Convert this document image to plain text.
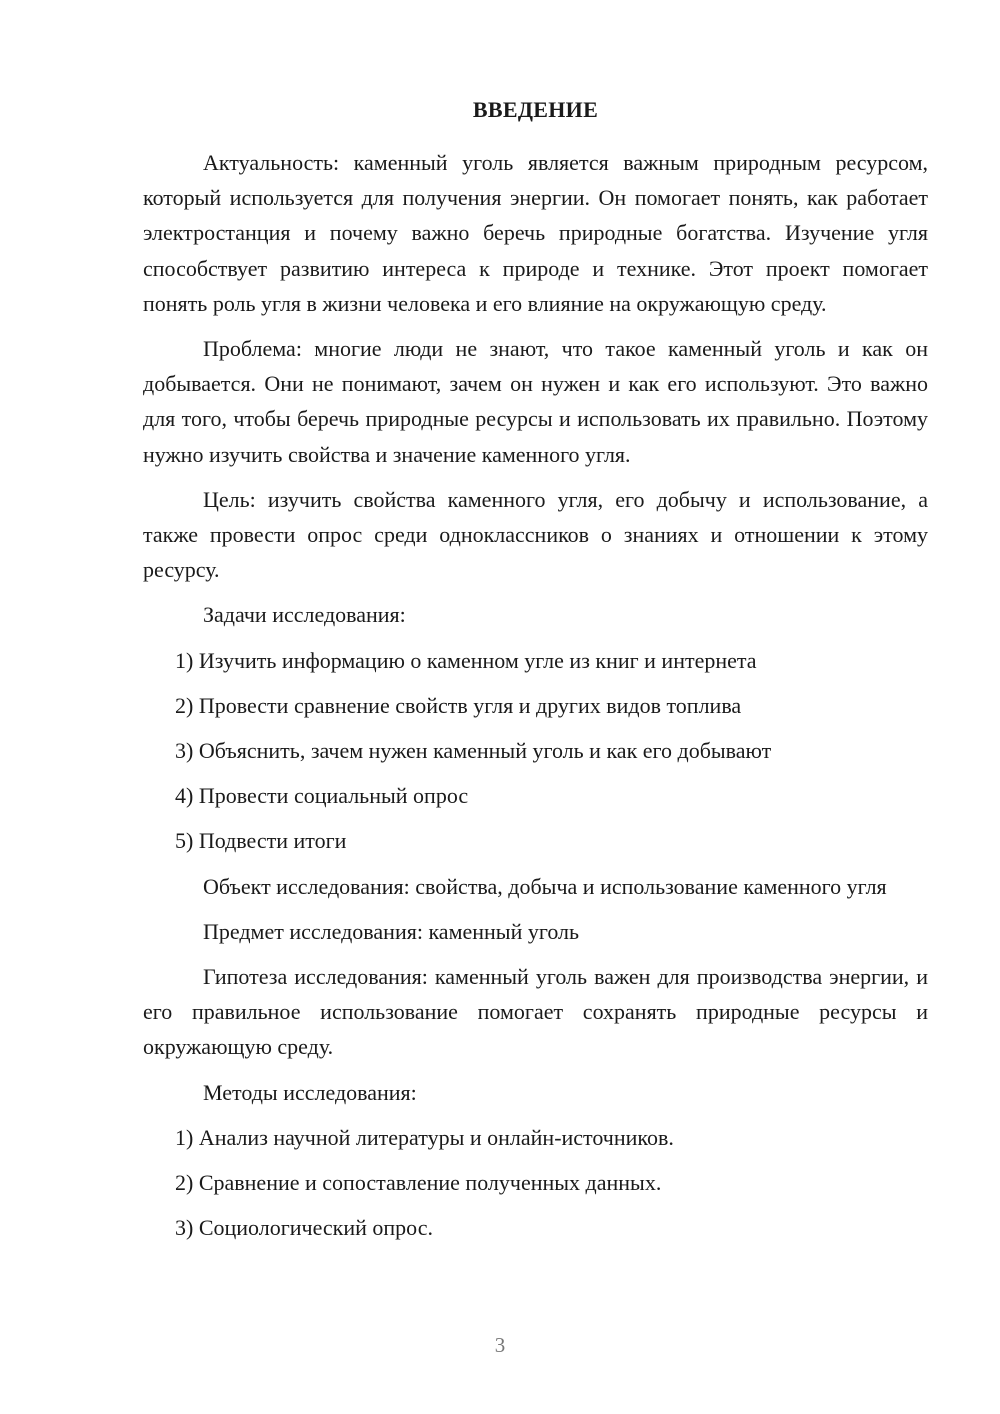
ВВЕДЕНИЕ

Актуальность: каменный уголь является важным природным ресурсом, который используется для получения энергии. Он помогает понять, как работает электростанция и почему важно беречь природные богатства. Изучение угля способствует развитию интереса к природе и технике. Этот проект помогает понять роль угля в жизни человека и его влияние на окружающую среду.

Проблема: многие люди не знают, что такое каменный уголь и как он добывается. Они не понимают, зачем он нужен и как его используют. Это важно для того, чтобы беречь природные ресурсы и использовать их правильно. Поэтому нужно изучить свойства и значение каменного угля.

Цель: изучить свойства каменного угля, его добычу и использование, а также провести опрос среди одноклассников о знаниях и отношении к этому ресурсу.

Задачи исследования:

1) Изучить информацию о каменном угле из книг и интернета

2) Провести сравнение свойств угля и других видов топлива

3) Объяснить, зачем нужен каменный уголь и как его добывают

4) Провести социальный опрос

5) Подвести итоги

Объект исследования: свойства, добыча и использование каменного угля

Предмет исследования: каменный уголь

Гипотеза исследования: каменный уголь важен для производства энергии, и его правильное использование помогает сохранять природные ресурсы и окружающую среду.

Методы исследования:

1) Анализ научной литературы и онлайн-источников.

2) Сравнение и сопоставление полученных данных.

3) Социологический опрос.

3
